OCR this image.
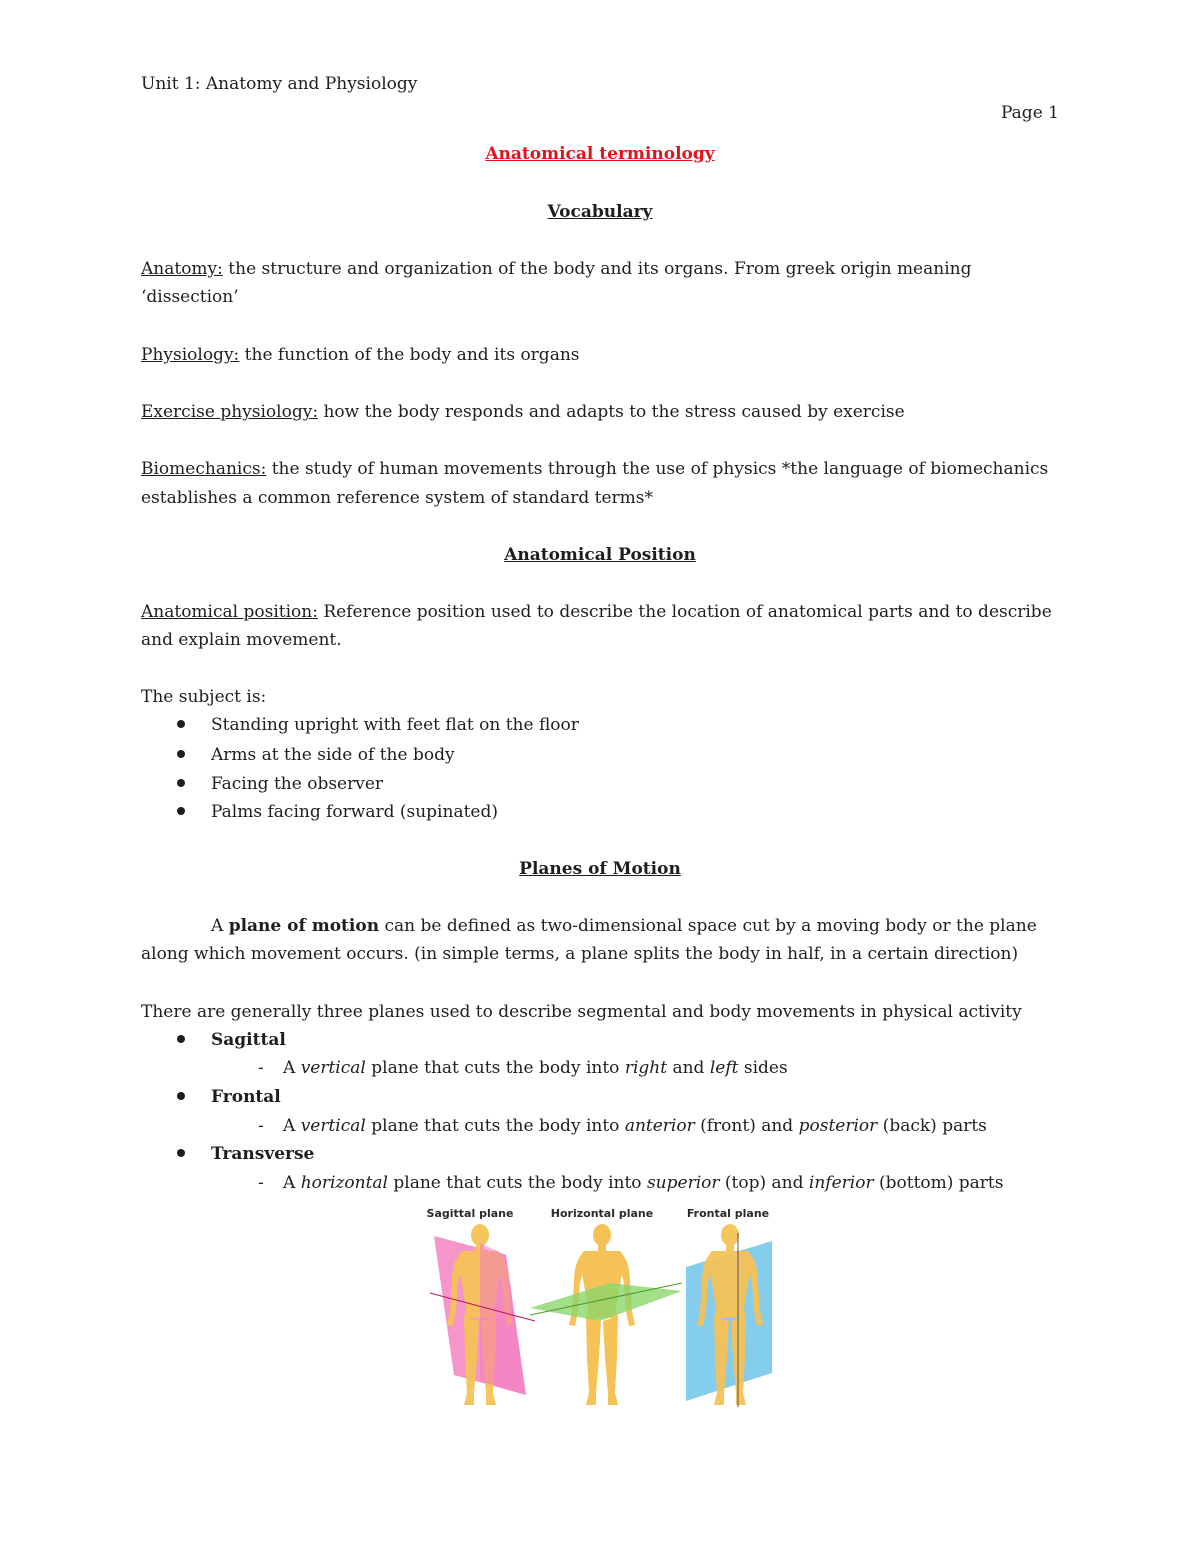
Unit 1: Anatomy and Physiology
Page 1
Anatomical terminology
Vocabulary
Anatomy: the structure and organization of the body and its organs. From greek origin meaning
‘dissection’
Physiology: the function of the body and its organs
Exercise physiology: how the body responds and adapts to the stress caused by exercise
Biomechanics: the study of human movements through the use of physics *the language of biomechanics
establishes a common reference system of standard terms*
Anatomical Position
Anatomical position: Reference position used to describe the location of anatomical parts and to describe
and explain movement.
The subject is:
Standing upright with feet flat on the floor
Arms at the side of the body
Facing the observer
Palms facing forward (supinated)
Planes of Motion
A plane of motion can be defined as two-dimensional space cut by a moving body or the plane
along which movement occurs. (in simple terms, a plane splits the body in half, in a certain direction)
There are generally three planes used to describe segmental and body movements in physical activity
Sagittal
- A vertical plane that cuts the body into right and left sides
Frontal
- A vertical plane that cuts the body into anterior (front) and posterior (back) parts
Transverse
- A horizontal plane that cuts the body into superior (top) and inferior (bottom) parts
Sagittal plane	Horizontal plane	Frontal plane
